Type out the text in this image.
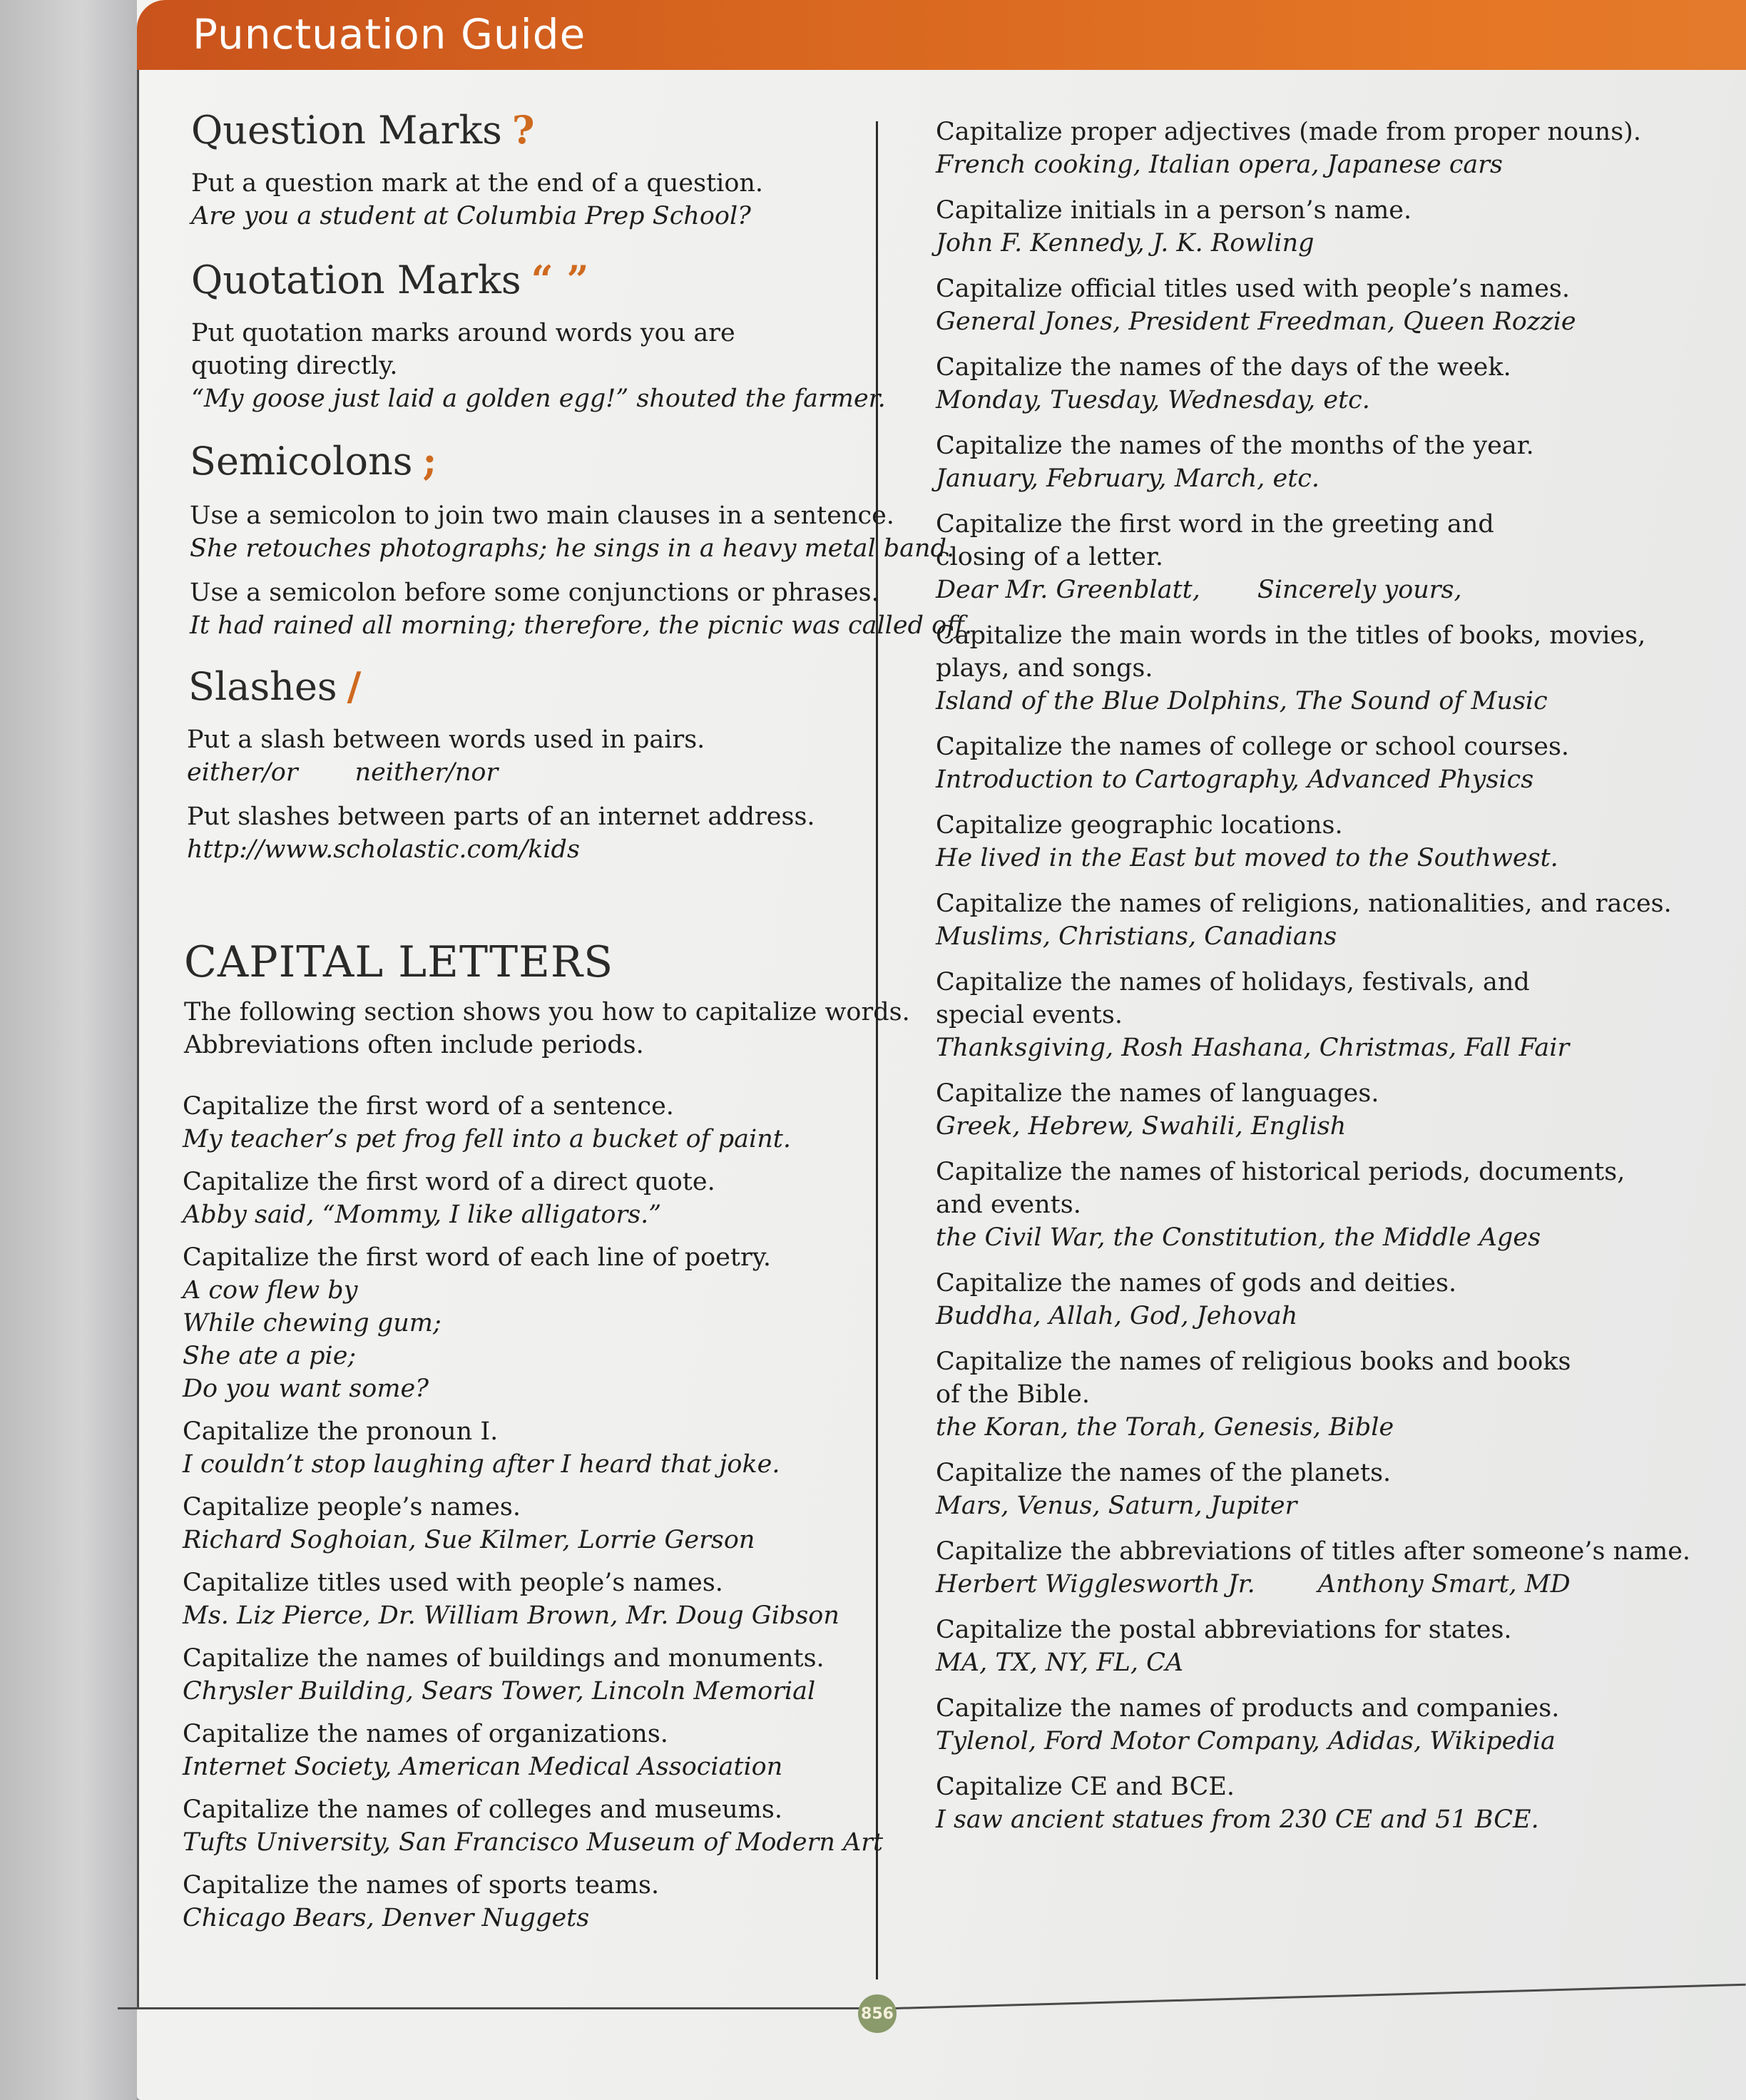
Punctuation Guide
856
Question Marks ?
Put a question mark at the end of a question.
Are you a student at Columbia Prep School?
Quotation Marks “ ”
Put quotation marks around words you are
quoting directly.
“My goose just laid a golden egg!” shouted the farmer.
Semicolons ;
Use a semicolon to join two main clauses in a sentence.
She retouches photographs; he sings in a heavy metal band.
Use a semicolon before some conjunctions or phrases.
It had rained all morning; therefore, the picnic was called off.
Slashes /
Put a slash between words used in pairs.
either/or neither/nor
Put slashes between parts of an internet address.
http://www.scholastic.com/kids
CAPITAL LETTERS
The following section shows you how to capitalize words.
Abbreviations often include periods.
Capitalize the first word of a sentence.
My teacher’s pet frog fell into a bucket of paint.
Capitalize the first word of a direct quote.
Abby said, “Mommy, I like alligators.”
Capitalize the first word of each line of poetry.
A cow flew by
While chewing gum;
She ate a pie;
Do you want some?
Capitalize the pronoun I.
I couldn’t stop laughing after I heard that joke.
Capitalize people’s names.
Richard Soghoian, Sue Kilmer, Lorrie Gerson
Capitalize titles used with people’s names.
Ms. Liz Pierce, Dr. William Brown, Mr. Doug Gibson
Capitalize the names of buildings and monuments.
Chrysler Building, Sears Tower, Lincoln Memorial
Capitalize the names of organizations.
Internet Society, American Medical Association
Capitalize the names of colleges and museums.
Tufts University, San Francisco Museum of Modern Art
Capitalize the names of sports teams.
Chicago Bears, Denver Nuggets
Capitalize proper adjectives (made from proper nouns).
French cooking, Italian opera, Japanese cars
Capitalize initials in a person’s name.
John F. Kennedy, J. K. Rowling
Capitalize official titles used with people’s names.
General Jones, President Freedman, Queen Rozzie
Capitalize the names of the days of the week.
Monday, Tuesday, Wednesday, etc.
Capitalize the names of the months of the year.
January, February, March, etc.
Capitalize the first word in the greeting and
closing of a letter.
Dear Mr. Greenblatt, Sincerely yours,
Capitalize the main words in the titles of books, movies,
plays, and songs.
Island of the Blue Dolphins, The Sound of Music
Capitalize the names of college or school courses.
Introduction to Cartography, Advanced Physics
Capitalize geographic locations.
He lived in the East but moved to the Southwest.
Capitalize the names of religions, nationalities, and races.
Muslims, Christians, Canadians
Capitalize the names of holidays, festivals, and
special events.
Thanksgiving, Rosh Hashana, Christmas, Fall Fair
Capitalize the names of languages.
Greek, Hebrew, Swahili, English
Capitalize the names of historical periods, documents,
and events.
the Civil War, the Constitution, the Middle Ages
Capitalize the names of gods and deities.
Buddha, Allah, God, Jehovah
Capitalize the names of religious books and books
of the Bible.
the Koran, the Torah, Genesis, Bible
Capitalize the names of the planets.
Mars, Venus, Saturn, Jupiter
Capitalize the abbreviations of titles after someone’s name.
Herbert Wigglesworth Jr.	Anthony Smart, MD
Capitalize the postal abbreviations for states.
MA, TX, NY, FL, CA
Capitalize the names of products and companies.
Tylenol, Ford Motor Company, Adidas, Wikipedia
Capitalize CE and BCE.
I saw ancient statues from 230 CE and 51 BCE.
